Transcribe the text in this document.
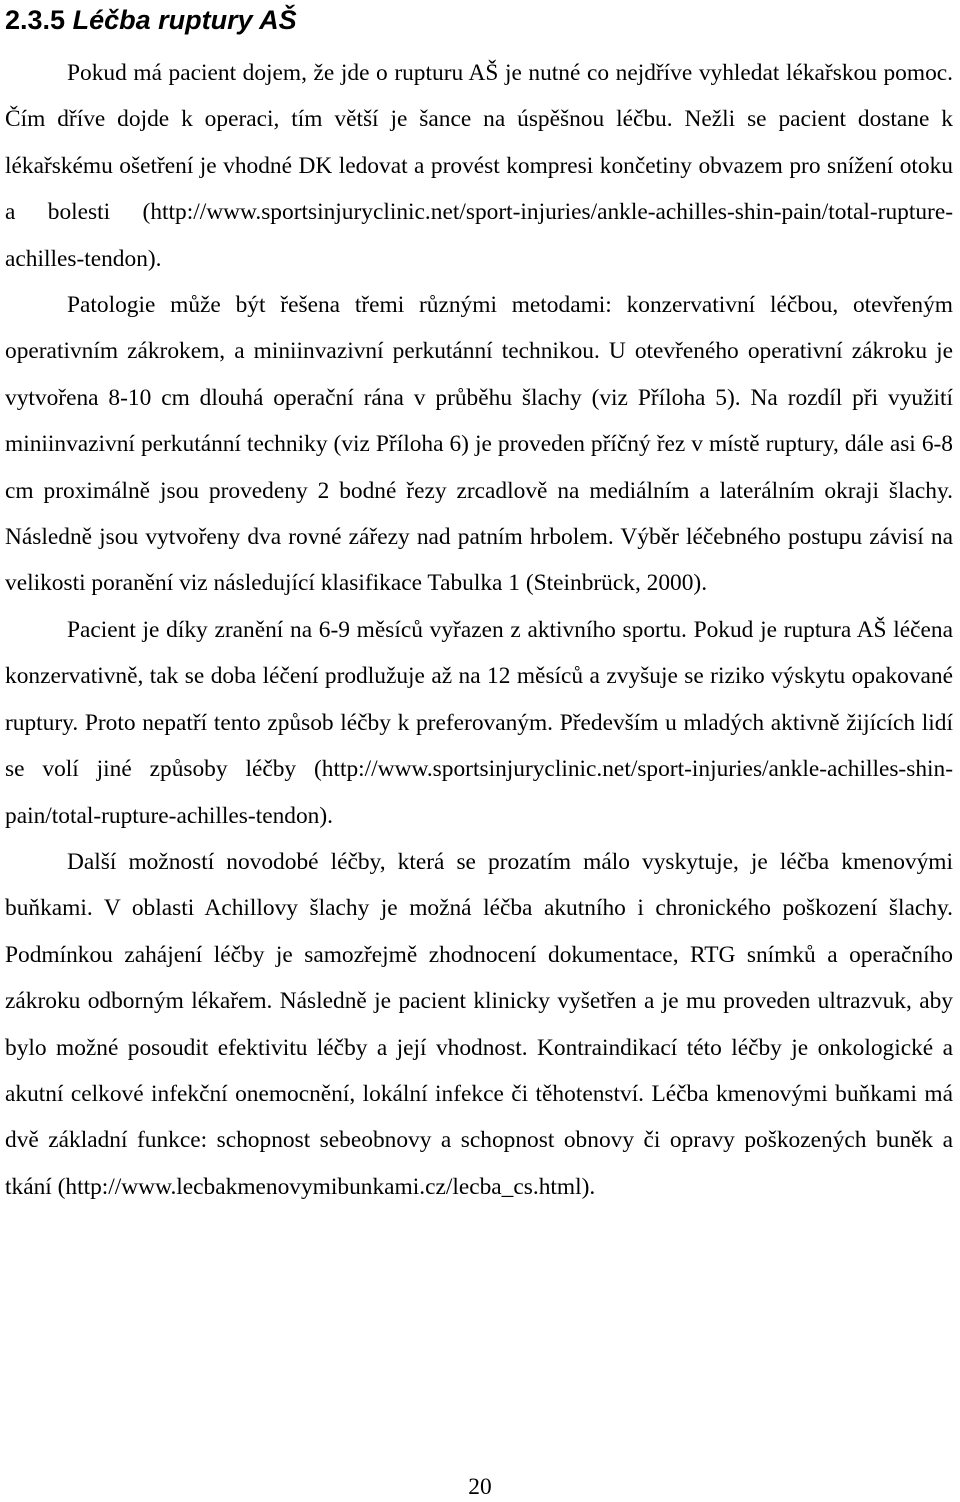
2.3.5 Léčba ruptury AŠ

Pokud má pacient dojem, že jde o rupturu AŠ je nutné co nejdříve vyhledat lékařskou pomoc. Čím dříve dojde k operaci, tím větší je šance na úspěšnou léčbu. Nežli se pacient dostane k lékařskému ošetření je vhodné DK ledovat a provést kompresi končetiny obvazem pro snížení otoku a bolesti (http://www.sportsinjuryclinic.net/sport-injuries/ankle-achilles-shin-pain/total-rupture-achilles-tendon).

Patologie může být řešena třemi různými metodami: konzervativní léčbou, otevřeným operativním zákrokem, a miniinvazivní perkutánní technikou. U otevřeného operativní zákroku je vytvořena 8-10 cm dlouhá operační rána v průběhu šlachy (viz Příloha 5). Na rozdíl při využití miniinvazivní perkutánní techniky (viz Příloha 6) je proveden příčný řez v místě ruptury, dále asi 6-8 cm proximálně jsou provedeny 2 bodné řezy zrcadlově na mediálním a laterálním okraji šlachy. Následně jsou vytvořeny dva rovné zářezy nad patním hrbolem. Výběr léčebného postupu závisí na velikosti poranění viz následující klasifikace Tabulka 1 (Steinbrück, 2000).

Pacient je díky zranění na 6-9 měsíců vyřazen z aktivního sportu. Pokud je ruptura AŠ léčena konzervativně, tak se doba léčení prodlužuje až na 12 měsíců a zvyšuje se riziko výskytu opakované ruptury. Proto nepatří tento způsob léčby k preferovaným. Především u mladých aktivně žijících lidí se volí jiné způsoby léčby (http://www.sportsinjuryclinic.net/sport-injuries/ankle-achilles-shin-pain/total-rupture-achilles-tendon).

Další možností novodobé léčby, která se prozatím málo vyskytuje, je léčba kmenovými buňkami. V oblasti Achillovy šlachy je možná léčba akutního i chronického poškození šlachy. Podmínkou zahájení léčby je samozřejmě zhodnocení dokumentace, RTG snímků a operačního zákroku odborným lékařem. Následně je pacient klinicky vyšetřen a je mu proveden ultrazvuk, aby bylo možné posoudit efektivitu léčby a její vhodnost. Kontraindikací této léčby je onkologické a akutní celkové infekční onemocnění, lokální infekce či těhotenství. Léčba kmenovými buňkami má dvě základní funkce: schopnost sebeobnovy a schopnost obnovy či opravy poškozených buněk a tkání (http://www.lecbakmenovymibunkami.cz/lecba_cs.html).

20
